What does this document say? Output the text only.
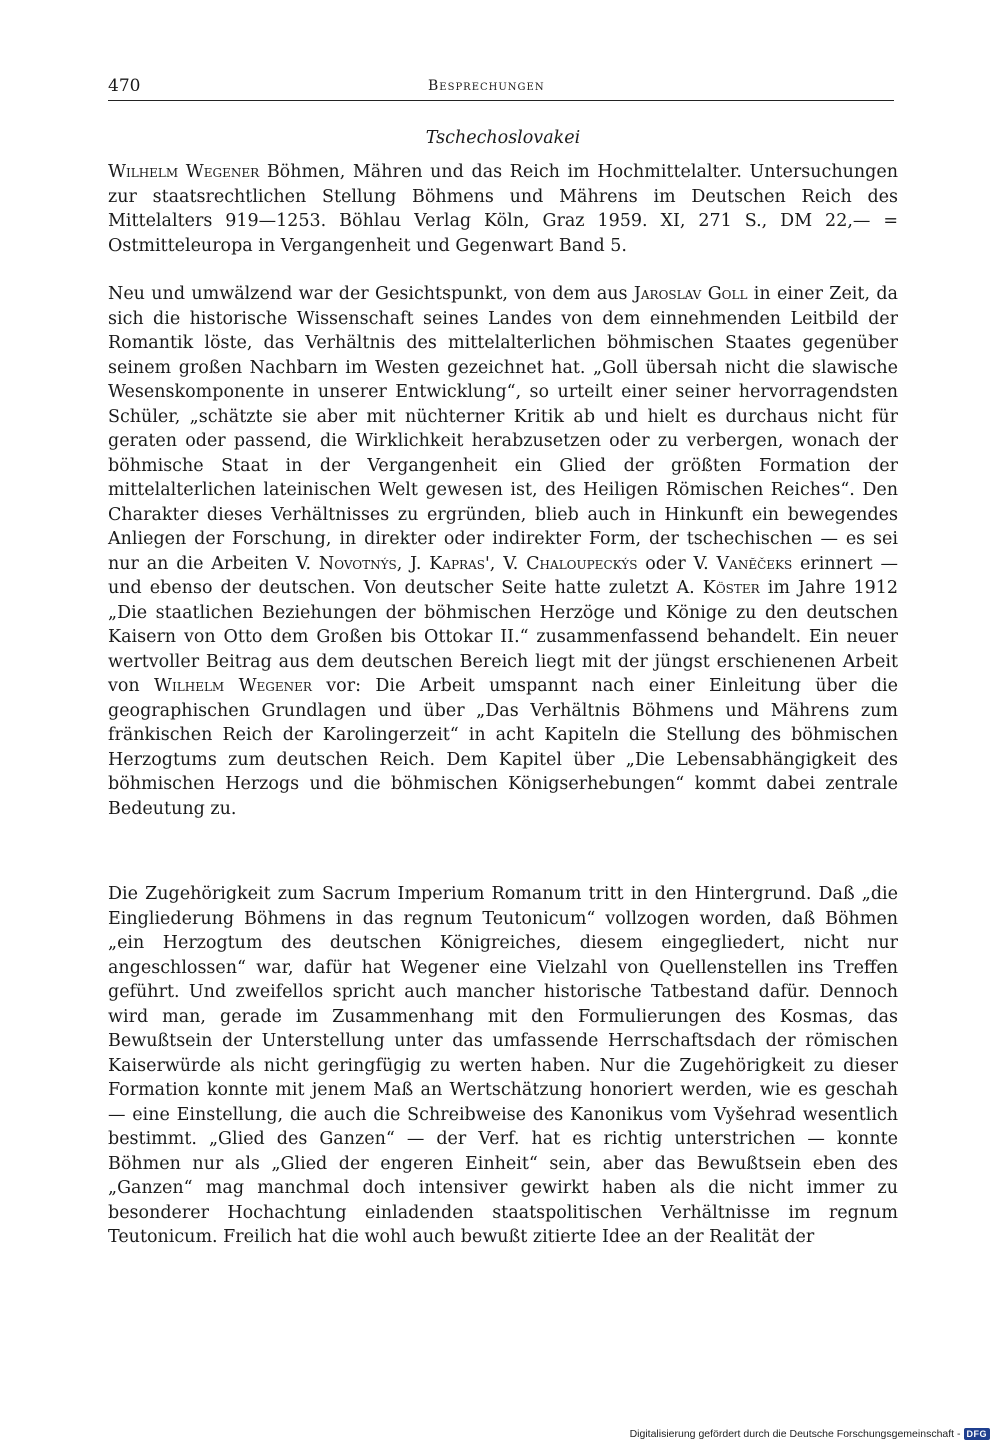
470	Besprechungen
Tschechoslovakei
Wilhelm Wegener Böhmen, Mähren und das Reich im Hochmittelalter. Untersuchungen zur staatsrechtlichen Stellung Böhmens und Mährens im Deutschen Reich des Mittelalters 919—1253. Böhlau Verlag Köln, Graz 1959. XI, 271 S., DM 22,— = Ostmitteleuropa in Vergangenheit und Gegenwart Band 5.
Neu und umwälzend war der Gesichtspunkt, von dem aus Jaroslav Goll in einer Zeit, da sich die historische Wissenschaft seines Landes von dem einnehmenden Leitbild der Romantik löste, das Verhältnis des mittelalterlichen böhmischen Staates gegenüber seinem großen Nachbarn im Westen gezeichnet hat. „Goll übersah nicht die slawische Wesenskomponente in unserer Entwicklung“, so urteilt einer seiner hervorragendsten Schüler, „schätzte sie aber mit nüchterner Kritik ab und hielt es durchaus nicht für geraten oder passend, die Wirklichkeit herabzusetzen oder zu verbergen, wonach der böhmische Staat in der Vergangenheit ein Glied der größten Formation der mittelalterlichen lateinischen Welt gewesen ist, des Heiligen Römischen Reiches“. Den Charakter dieses Verhältnisses zu ergründen, blieb auch in Hinkunft ein bewegendes Anliegen der Forschung, in direkter oder indirekter Form, der tschechischen — es sei nur an die Arbeiten V. Novotnýs, J. Kapras', V. Chaloupeckýs oder V. Vanĕčeks erinnert — und ebenso der deutschen. Von deutscher Seite hatte zuletzt A. Köster im Jahre 1912 „Die staatlichen Beziehungen der böhmischen Herzöge und Könige zu den deutschen Kaisern von Otto dem Großen bis Ottokar II.“ zusammenfassend behandelt. Ein neuer wertvoller Beitrag aus dem deutschen Bereich liegt mit der jüngst erschienenen Arbeit von Wilhelm Wegener vor: Die Arbeit umspannt nach einer Einleitung über die geographischen Grundlagen und über „Das Verhältnis Böhmens und Mährens zum fränkischen Reich der Karolingerzeit“ in acht Kapiteln die Stellung des böhmischen Herzogtums zum deutschen Reich. Dem Kapitel über „Die Lebensabhängigkeit des böhmischen Herzogs und die böhmischen Königserhebungen“ kommt dabei zentrale Bedeutung zu.
Die Zugehörigkeit zum Sacrum Imperium Romanum tritt in den Hintergrund. Daß „die Eingliederung Böhmens in das regnum Teutonicum“ vollzogen worden, daß Böhmen „ein Herzogtum des deutschen Königreiches, diesem eingegliedert, nicht nur angeschlossen“ war, dafür hat Wegener eine Vielzahl von Quellenstellen ins Treffen geführt. Und zweifellos spricht auch mancher historische Tatbestand dafür. Dennoch wird man, gerade im Zusammenhang mit den Formulierungen des Kosmas, das Bewußtsein der Unterstellung unter das umfassende Herrschaftsdach der römischen Kaiserwürde als nicht geringfügig zu werten haben. Nur die Zugehörigkeit zu dieser Formation konnte mit jenem Maß an Wertschätzung honoriert werden, wie es geschah — eine Einstellung, die auch die Schreibweise des Kanonikus vom Vyšehrad wesentlich bestimmt. „Glied des Ganzen“ — der Verf. hat es richtig unterstrichen — konnte Böhmen nur als „Glied der engeren Einheit“ sein, aber das Bewußtsein eben des „Ganzen“ mag manchmal doch intensiver gewirkt haben als die nicht immer zu besonderer Hochachtung einladenden staatspolitischen Verhältnisse im regnum Teutonicum. Freilich hat die wohl auch bewußt zitierte Idee an der Realität der
Digitalisierung gefördert durch die Deutsche Forschungsgemeinschaft - DFG
